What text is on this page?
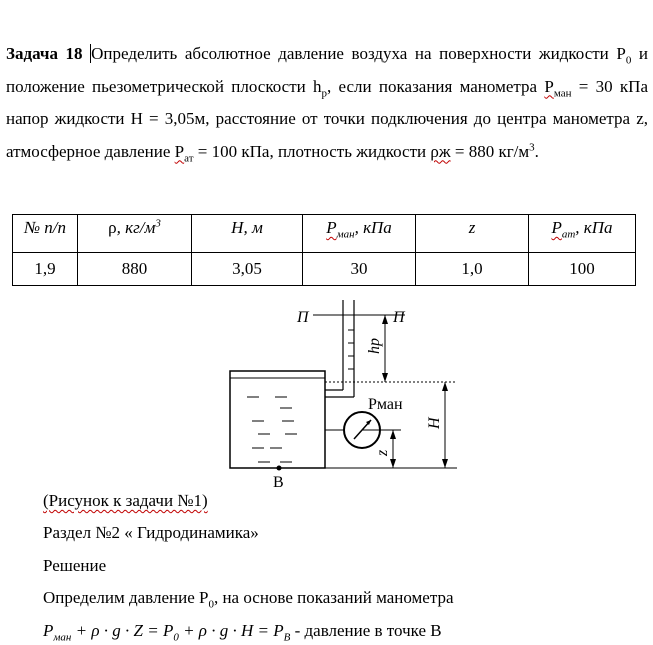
Задача 18 Определить абсолютное давление воздуха на поверхности жидкости $P_0$ и положение пьезометрической плоскости $h_p$, если показания манометра $P_{ман} = 30$ кПа напор жидкости Н = 3,05м, расстояние от точки подключения до центра манометра z, атмосферное давление $P_{ат} = 100$ кПа, плотность жидкости ρж = 880 $кг/м^3$.
№ п/п	ρ, $кг/м^3$	H, м	$P_{ман}$, кПа	z	$P_{ат}$, кПа
1,9	880	3,05	30	1,0	100
П	П
hp
B
Pман
z
H
(Рисунок к задачи №1)
Раздел №2 « Гидродинамика»
Решение
Определим давление $P_0$, на основе показаний манометра
$P_{ман} + \rho \cdot g \cdot Z = P_0 + \rho \cdot g \cdot H = P_B$ - давление в точке В
